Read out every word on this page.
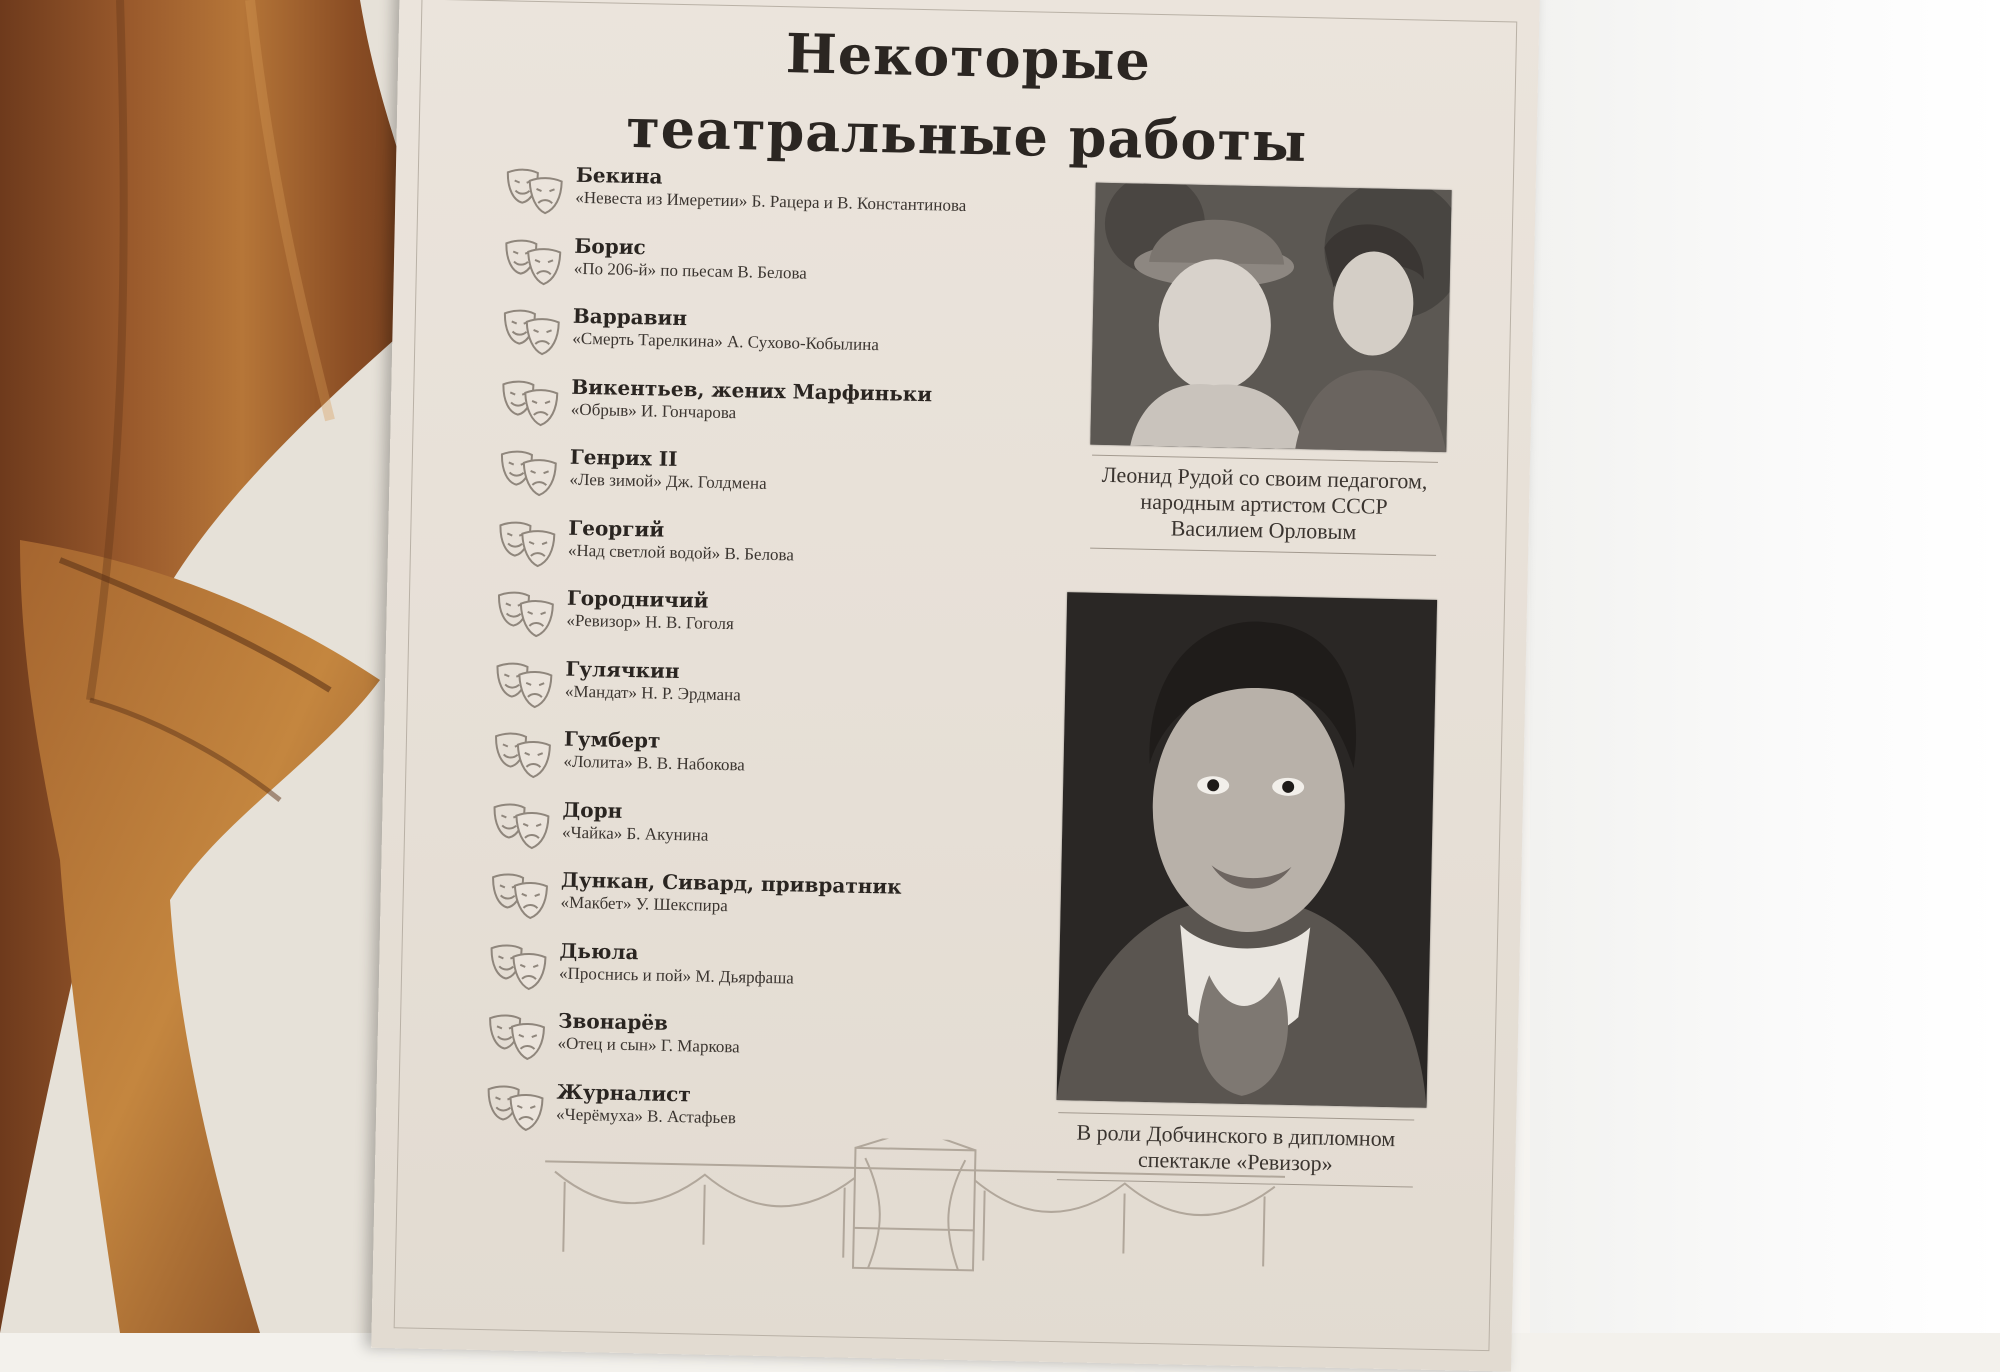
Некоторые
театральные работы
Бекина
«Невеста из Имеретии» Б. Рацера и В. Константинова
Борис
«По 206-й» по пьесам В. Белова
Варравин
«Смерть Тарелкина» А. Сухово-Кобылина
Викентьев, жених Марфиньки
«Обрыв» И. Гончарова
Генрих II
«Лев зимой» Дж. Голдмена
Георгий
«Над светлой водой» В. Белова
Городничий
«Ревизор» Н. В. Гоголя
Гулячкин
«Мандат» Н. Р. Эрдмана
Гумберт
«Лолита» В. В. Набокова
Дорн
«Чайка» Б. Акунина
Дункан, Сивард, привратник
«Макбет» У. Шекспира
Дьюла
«Проснись и пой» М. Дьярфаша
Звонарёв
«Отец и сын» Г. Маркова
Журналист
«Черёмуха» В. Астафьев
Леонид Рудой со своим педагогом,
народным артистом СССР
Василием Орловым
В роли Добчинского в дипломном
спектакле «Ревизор»
